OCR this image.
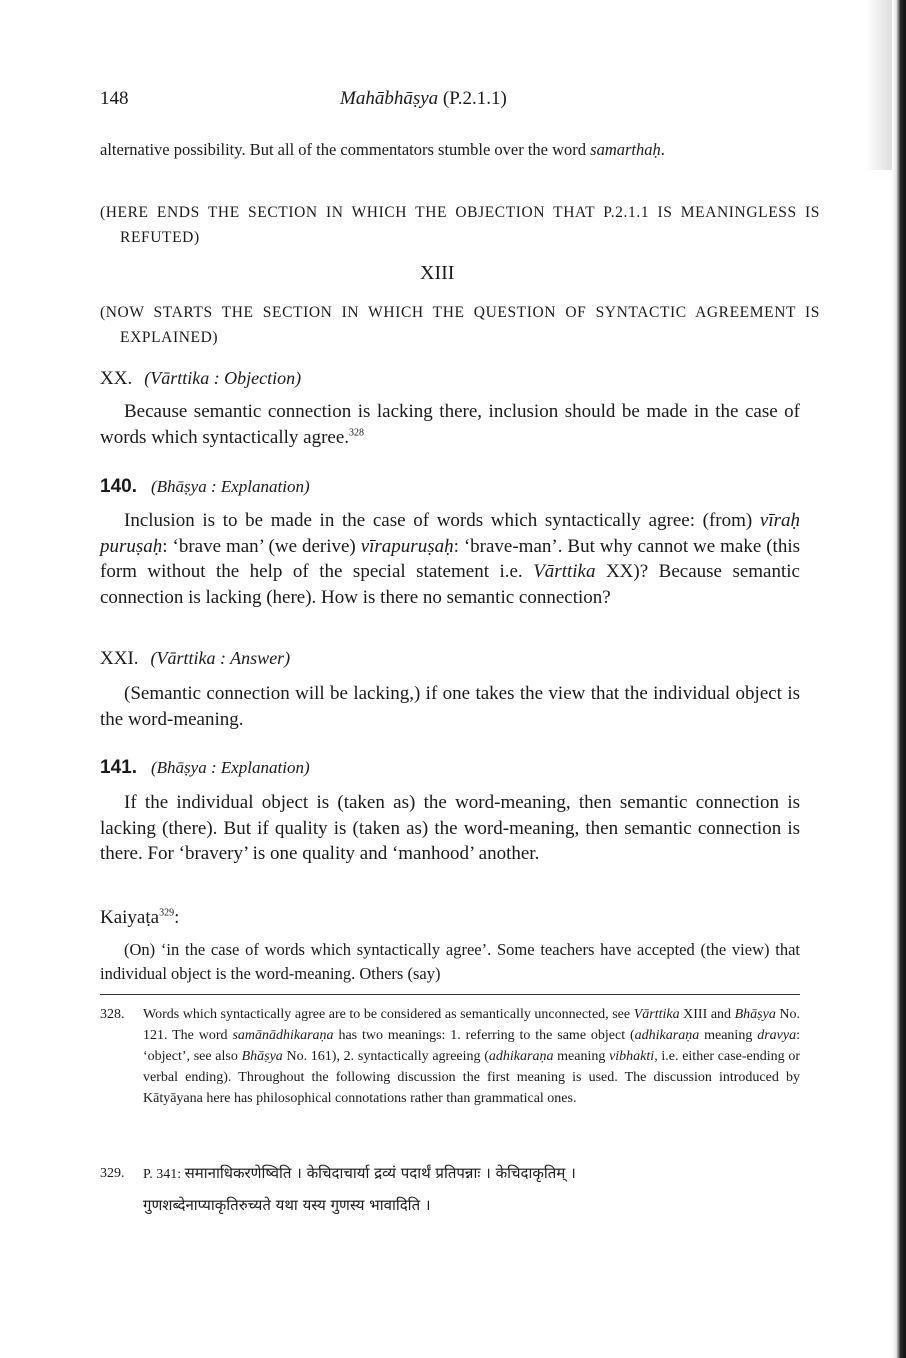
148	Mahābhāṣya (P.2.1.1)
alternative possibility. But all of the commentators stumble over the word samarthaḥ.
(HERE ENDS THE SECTION IN WHICH THE OBJECTION THAT P.2.1.1 IS MEANINGLESS IS REFUTED)
XIII
(NOW STARTS THE SECTION IN WHICH THE QUESTION OF SYNTACTIC AGREEMENT IS EXPLAINED)
XX. (Vārttika : Objection)
Because semantic connection is lacking there, inclusion should be made in the case of words which syntactically agree.$^{328}$
140. (Bhāṣya : Explanation)
Inclusion is to be made in the case of words which syntactically agree: (from) vīraḥ puruṣaḥ: ‘brave man’ (we derive) vīrapuruṣaḥ: ‘brave-man’. But why cannot we make (this form without the help of the special statement i.e. Vārttika XX)? Because semantic connection is lacking (here). How is there no semantic connection?
XXI. (Vārttika : Answer)
(Semantic connection will be lacking,) if one takes the view that the individual object is the word-meaning.
141. (Bhāṣya : Explanation)
If the individual object is (taken as) the word-meaning, then semantic connection is lacking (there). But if quality is (taken as) the word-meaning, then semantic connection is there. For ‘bravery’ is one quality and ‘manhood’ another.
Kaiyaṭa$^{329}$:
(On) ‘in the case of words which syntactically agree’. Some teachers have accepted (the view) that individual object is the word-meaning. Others (say)
328. Words which syntactically agree are to be considered as semantically unconnected, see Vārttika XIII and Bhāṣya No. 121. The word samānādhikaraṇa has two meanings: 1. referring to the same object (adhikaraṇa meaning dravya: ‘object’, see also Bhāṣya No. 161), 2. syntactically agreeing (adhikaraṇa meaning vibhakti, i.e. either case-ending or verbal ending). Throughout the following discussion the first meaning is used. The discussion introduced by Kātyāyana here has philosophical connotations rather than grammatical ones.
329. P. 341: समानाधिकरणेष्विति । केचिदाचार्या द्रव्यं पदार्थं प्रतिपन्नाः । केचिदाकृतिम् ।
गुणशब्देनाप्याकृतिरुच्यते यथा यस्य गुणस्य भावादिति ।
